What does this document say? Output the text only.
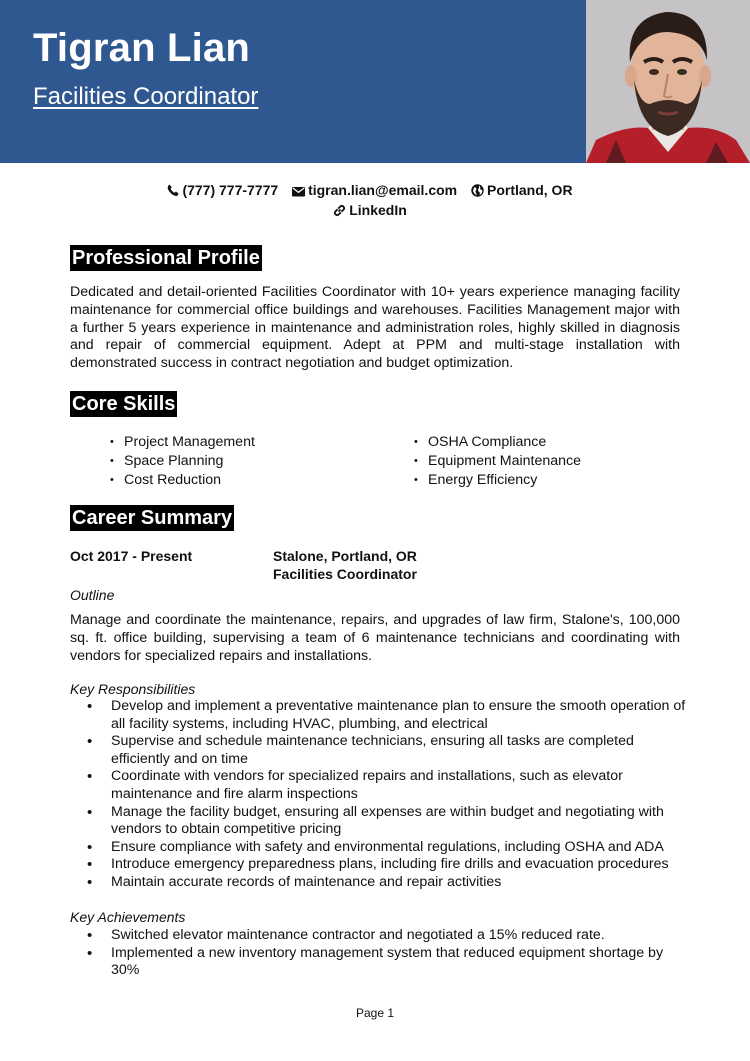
Tigran Lian
Facilities Coordinator
(777) 777-7777 tigran.lian@email.com Portland, OR
LinkedIn
Professional Profile

Dedicated and detail-oriented Facilities Coordinator with 10+ years experience managing facility maintenance for commercial office buildings and warehouses. Facilities Management major with a further 5 years experience in maintenance and administration roles, highly skilled in diagnosis and repair of commercial equipment. Adept at PPM and multi-stage installation with demonstrated success in contract negotiation and budget optimization.

Core Skills
• Project Management
• Space Planning
• Cost Reduction
• OSHA Compliance
• Equipment Maintenance
• Energy Efficiency
Career Summary
Oct 2017 - Present	Stalone, Portland, OR
Facilities Coordinator
Outline

Manage and coordinate the maintenance, repairs, and upgrades of law firm, Stalone's, 100,000 sq. ft. office building, supervising a team of 6 maintenance technicians and coordinating with vendors for specialized repairs and installations.

Key Responsibilities
• Develop and implement a preventative maintenance plan to ensure the smooth operation of all facility systems, including HVAC, plumbing, and electrical
• Supervise and schedule maintenance technicians, ensuring all tasks are completed efficiently and on time
• Coordinate with vendors for specialized repairs and installations, such as elevator maintenance and fire alarm inspections
• Manage the facility budget, ensuring all expenses are within budget and negotiating with vendors to obtain competitive pricing
• Ensure compliance with safety and environmental regulations, including OSHA and ADA
• Introduce emergency preparedness plans, including fire drills and evacuation procedures
• Maintain accurate records of maintenance and repair activities
Key Achievements
• Switched elevator maintenance contractor and negotiated a 15% reduced rate.
• Implemented a new inventory management system that reduced equipment shortage by 30%
Page 1
